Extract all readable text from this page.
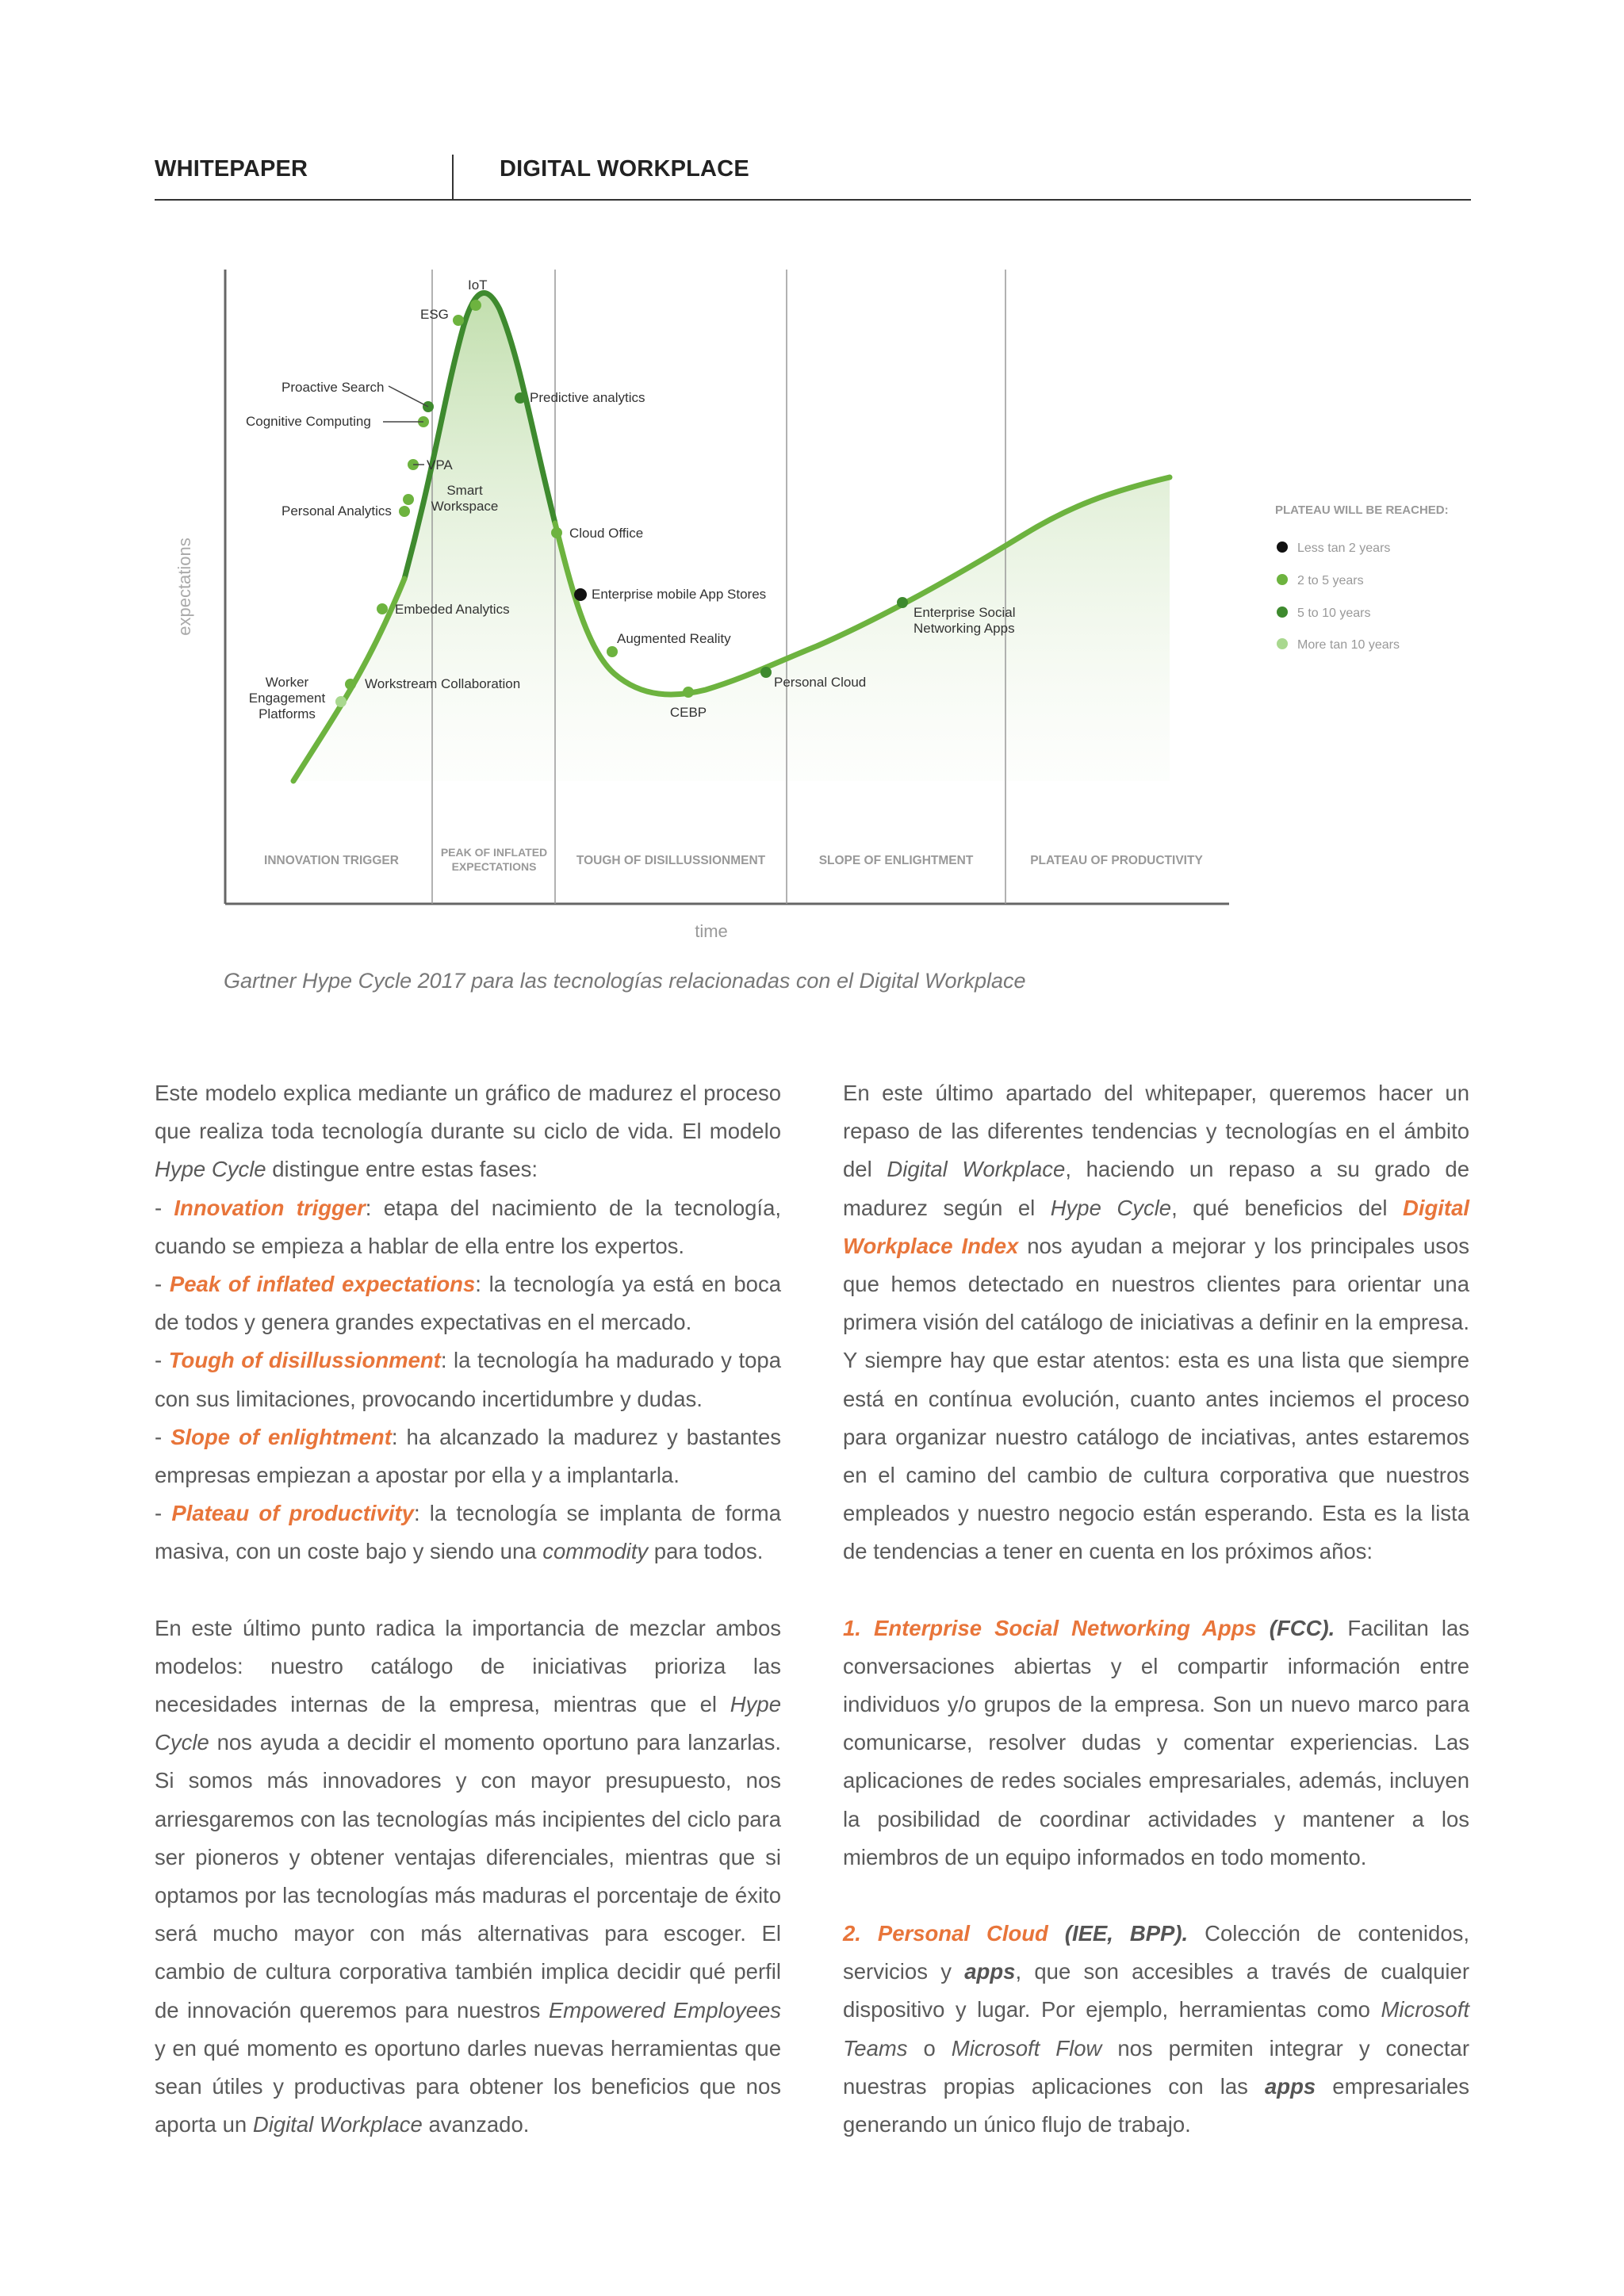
WHITEPAPER	DIGITAL WORKPLACE
IoT
ESG
Proactive Search
Cognitive Computing
VPA
Smart
Workspace
Personal Analytics
Predictive analytics
Cloud Office
Enterprise mobile App Stores
Augmented Reality
Embeded Analytics
Workstream Collaboration
Worker
Engagement
Platforms	CEBP
Personal Cloud
Enterprise Social
Networking Apps
INNOVATION TRIGGER
PEAK OF INFLATED
EXPECTATIONS	TOUGH OF DISILLUSSIONMENT	SLOPE OF ENLIGHTMENT	PLATEAU OF PRODUCTIVITY
expectations
time
PLATEAU WILL BE REACHED:
Less tan 2 years
2 to 5 years
5 to 10 years
More tan 10 years
Gartner Hype Cycle 2017 para las tecnologías relacionadas con el Digital Workplace

Este modelo explica mediante un gráfico de madurez el proceso que realiza toda tecnología durante su ciclo de vida. El modelo Hype Cycle distingue entre estas fases:

- Innovation trigger: etapa del nacimiento de la tecnología, cuando se empieza a hablar de ella entre los expertos.

- Peak of inflated expectations: la tecnología ya está en boca de todos y genera grandes expectativas en el mercado.

- Tough of disillussionment: la tecnología ha madurado y topa con sus limitaciones, provocando incertidumbre y dudas.

- Slope of enlightment: ha alcanzado la madurez y bastantes empresas empiezan a apostar por ella y a implantarla.

- Plateau of productivity: la tecnología se implanta de forma masiva, con un coste bajo y siendo una commodity para todos.

En este último punto radica la importancia de mezclar ambos modelos: nuestro catálogo de iniciativas prioriza las necesidades internas de la empresa, mientras que el Hype Cycle nos ayuda a decidir el momento oportuno para lanzarlas. Si somos más innovadores y con mayor presupuesto, nos arriesgaremos con las tecnologías más incipientes del ciclo para ser pioneros y obtener ventajas diferenciales, mientras que si optamos por las tecnologías más maduras el porcentaje de éxito será mucho mayor con más alternativas para escoger. El cambio de cultura corporativa también implica decidir qué perfil de innovación queremos para nuestros Empowered Employees y en qué momento es oportuno darles nuevas herramientas que sean útiles y productivas para obtener los beneficios que nos aporta un Digital Workplace avanzado.

En este último apartado del whitepaper, queremos hacer un repaso de las diferentes tendencias y tecnologías en el ámbito del Digital Workplace, haciendo un repaso a su grado de madurez según el Hype Cycle, qué beneficios del Digital Workplace Index nos ayudan a mejorar y los principales usos que hemos detectado en nuestros clientes para orientar una primera visión del catálogo de iniciativas a definir en la empresa. Y siempre hay que estar atentos: esta es una lista que siempre está en contínua evolución, cuanto antes inciemos el proceso para organizar nuestro catálogo de inciativas, antes estaremos en el camino del cambio de cultura corporativa que nuestros empleados y nuestro negocio están esperando. Esta es la lista de tendencias a tener en cuenta en los próximos años:

1. Enterprise Social Networking Apps (FCC). Facilitan las conversaciones abiertas y el compartir información entre individuos y/o grupos de la empresa. Son un nuevo marco para comunicarse, resolver dudas y comentar experiencias. Las aplicaciones de redes sociales empresariales, además, incluyen la posibilidad de coordinar actividades y mantener a los miembros de un equipo informados en todo momento.

2. Personal Cloud (IEE, BPP). Colección de contenidos, servicios y apps, que son accesibles a través de cualquier dispositivo y lugar. Por ejemplo, herramientas como Microsoft Teams o Microsoft Flow nos permiten integrar y conectar nuestras propias aplicaciones con las apps empresariales generando un único flujo de trabajo.
